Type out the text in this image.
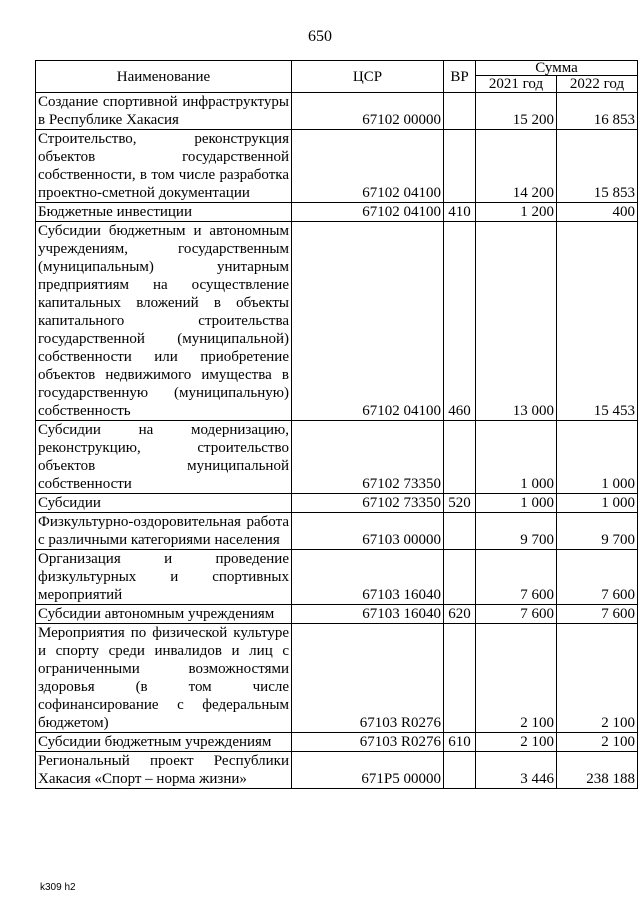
650
Наименование	ЦСР	ВР	Сумма	
			2021 год	2022 год
Создание спортивной инфраструктуры в Республике Хакасия	67102 00000		15 200	16 853
Строительство, реконструкция объектов государственной собственности, в том числе разработка проектно-сметной документации	67102 04100		14 200	15 853
Бюджетные инвестиции	67102 04100	410	1 200	400
Субсидии бюджетным и автономным учреждениям, государственным (муниципальным) унитарным предприятиям на осуществление капитальных вложений в объекты капитального строительства государственной (муниципальной) собственности или приобретение объектов недвижимого имущества в государственную (муниципальную) собственность	67102 04100	460	13 000	15 453
Субсидии на модернизацию, реконструкцию, строительство объектов муниципальной собственности	67102 73350		1 000	1 000
Субсидии	67102 73350	520	1 000	1 000
Физкультурно-оздоровительная работа с различными категориями населения	67103 00000		9 700	9 700
Организация и проведение физкультурных и спортивных мероприятий	67103 16040		7 600	7 600
Субсидии автономным учреждениям	67103 16040	620	7 600	7 600
Мероприятия по физической культуре и спорту среди инвалидов и лиц с ограниченными возможностями здоровья (в том числе софинансирование с федеральным бюджетом)	67103 R0276		2 100	2 100
Субсидии бюджетным учреждениям	67103 R0276	610	2 100	2 100
Региональный проект Республики Хакасия «Спорт – норма жизни»	671P5 00000		3 446	238 188
k309 h2
